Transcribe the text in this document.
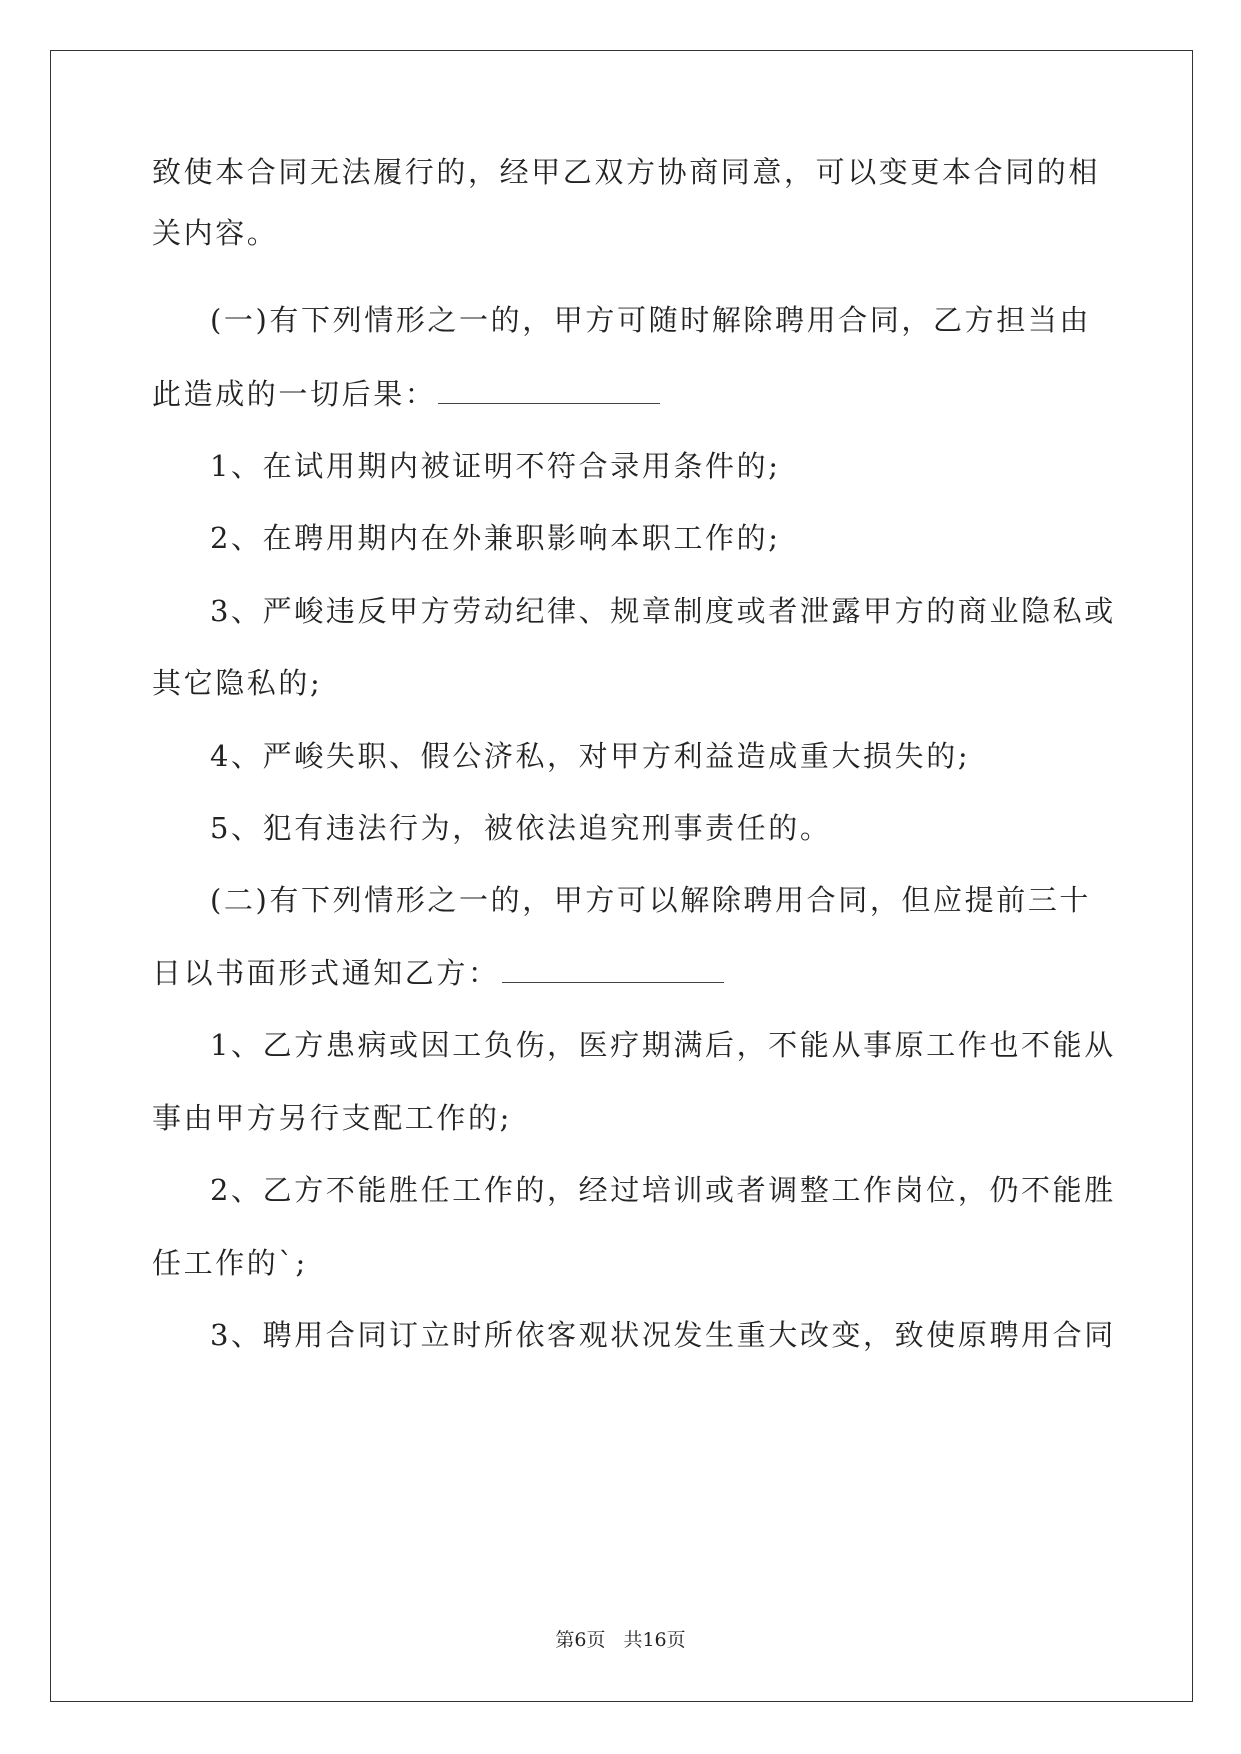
致使本合同无法履行的，经甲乙双方协商同意，可以变更本合同的相
关内容。
(一)有下列情形之一的，甲方可随时解除聘用合同，乙方担当由
此造成的一切后果：
1、在试用期内被证明不符合录用条件的;
2、在聘用期内在外兼职影响本职工作的;
3、严峻违反甲方劳动纪律、规章制度或者泄露甲方的商业隐私或
其它隐私的;
4、严峻失职、假公济私，对甲方利益造成重大损失的;
5、犯有违法行为，被依法追究刑事责任的。
(二)有下列情形之一的，甲方可以解除聘用合同，但应提前三十
日以书面形式通知乙方：
1、乙方患病或因工负伤，医疗期满后，不能从事原工作也不能从
事由甲方另行支配工作的;
2、乙方不能胜任工作的，经过培训或者调整工作岗位，仍不能胜
任工作的`;
3、聘用合同订立时所依客观状况发生重大改变，致使原聘用合同
第6页 共16页
